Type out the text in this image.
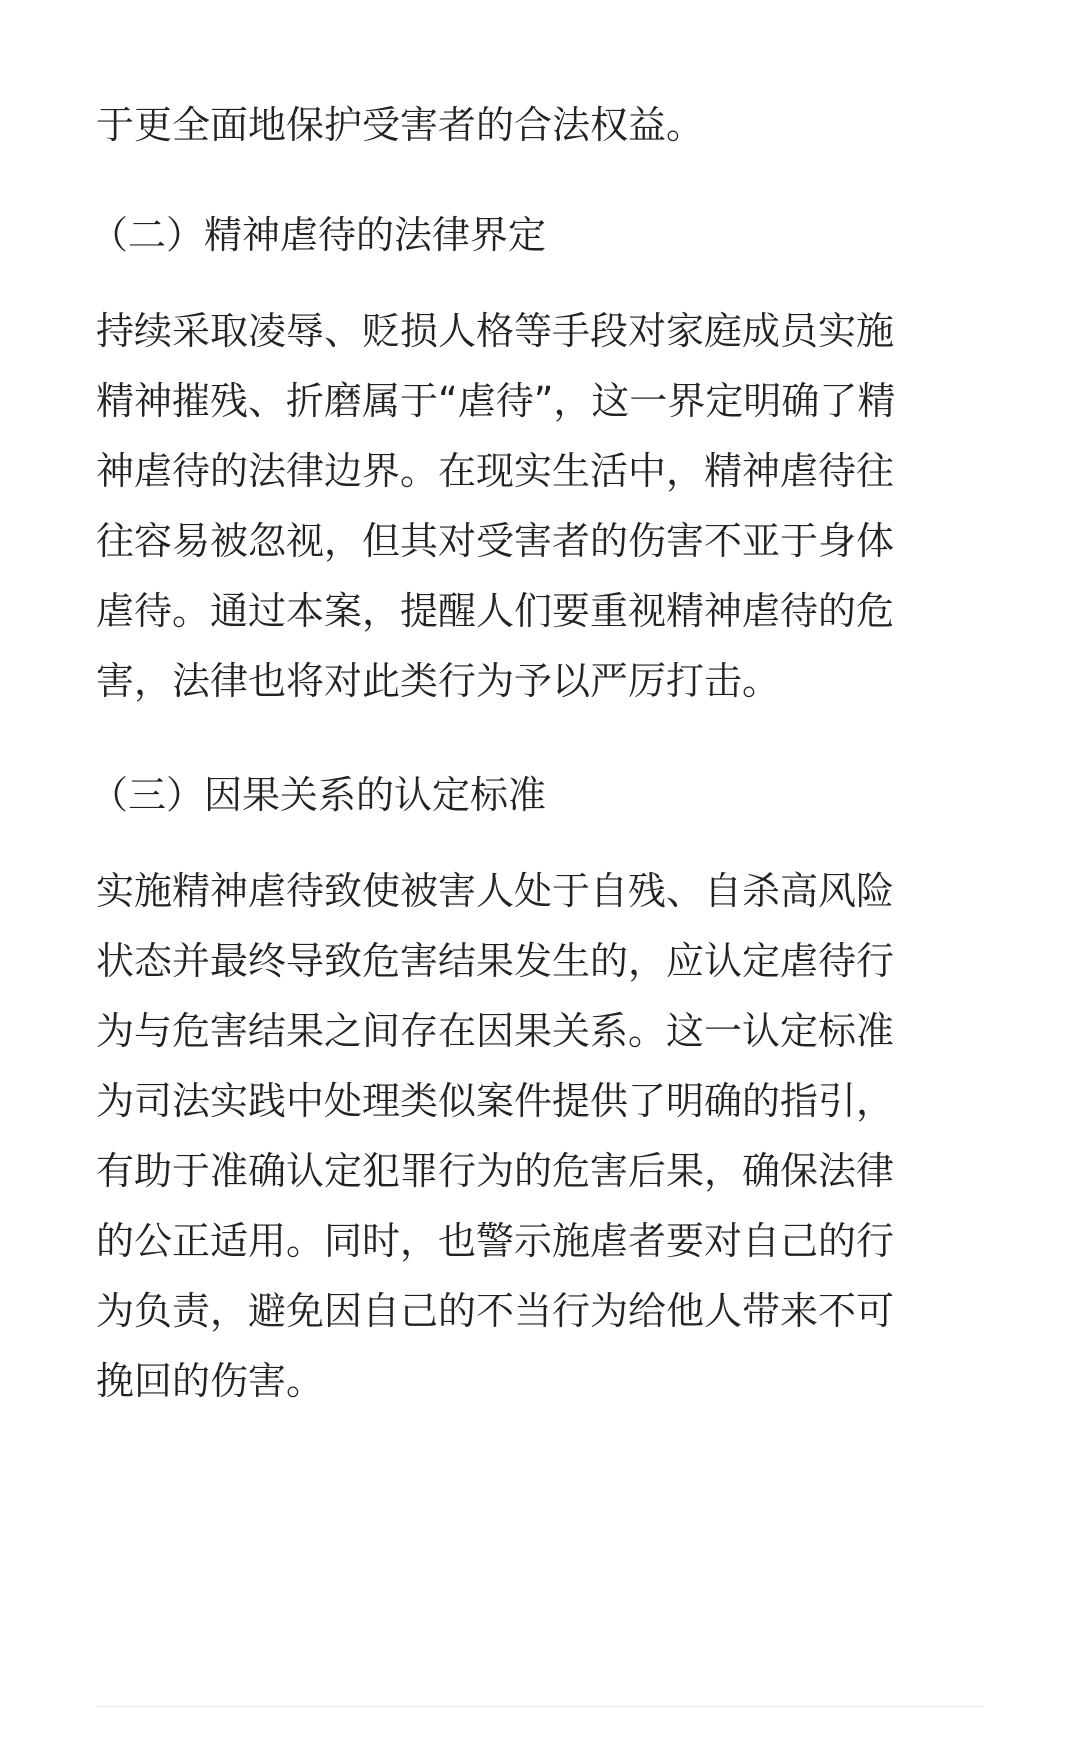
于更全面地保护受害者的合法权益。
（二）精神虐待的法律界定
持续采取凌辱、贬损人格等手段对家庭成员实施
精神摧残、折磨属于“虐待”，这一界定明确了精
神虐待的法律边界。在现实生活中，精神虐待往
往容易被忽视，但其对受害者的伤害不亚于身体
虐待。通过本案，提醒人们要重视精神虐待的危
害，法律也将对此类行为予以严厉打击。
（三）因果关系的认定标准
实施精神虐待致使被害人处于自残、自杀高风险
状态并最终导致危害结果发生的，应认定虐待行
为与危害结果之间存在因果关系。这一认定标准
为司法实践中处理类似案件提供了明确的指引，
有助于准确认定犯罪行为的危害后果，确保法律
的公正适用。同时，也警示施虐者要对自己的行
为负责，避免因自己的不当行为给他人带来不可
挽回的伤害。
